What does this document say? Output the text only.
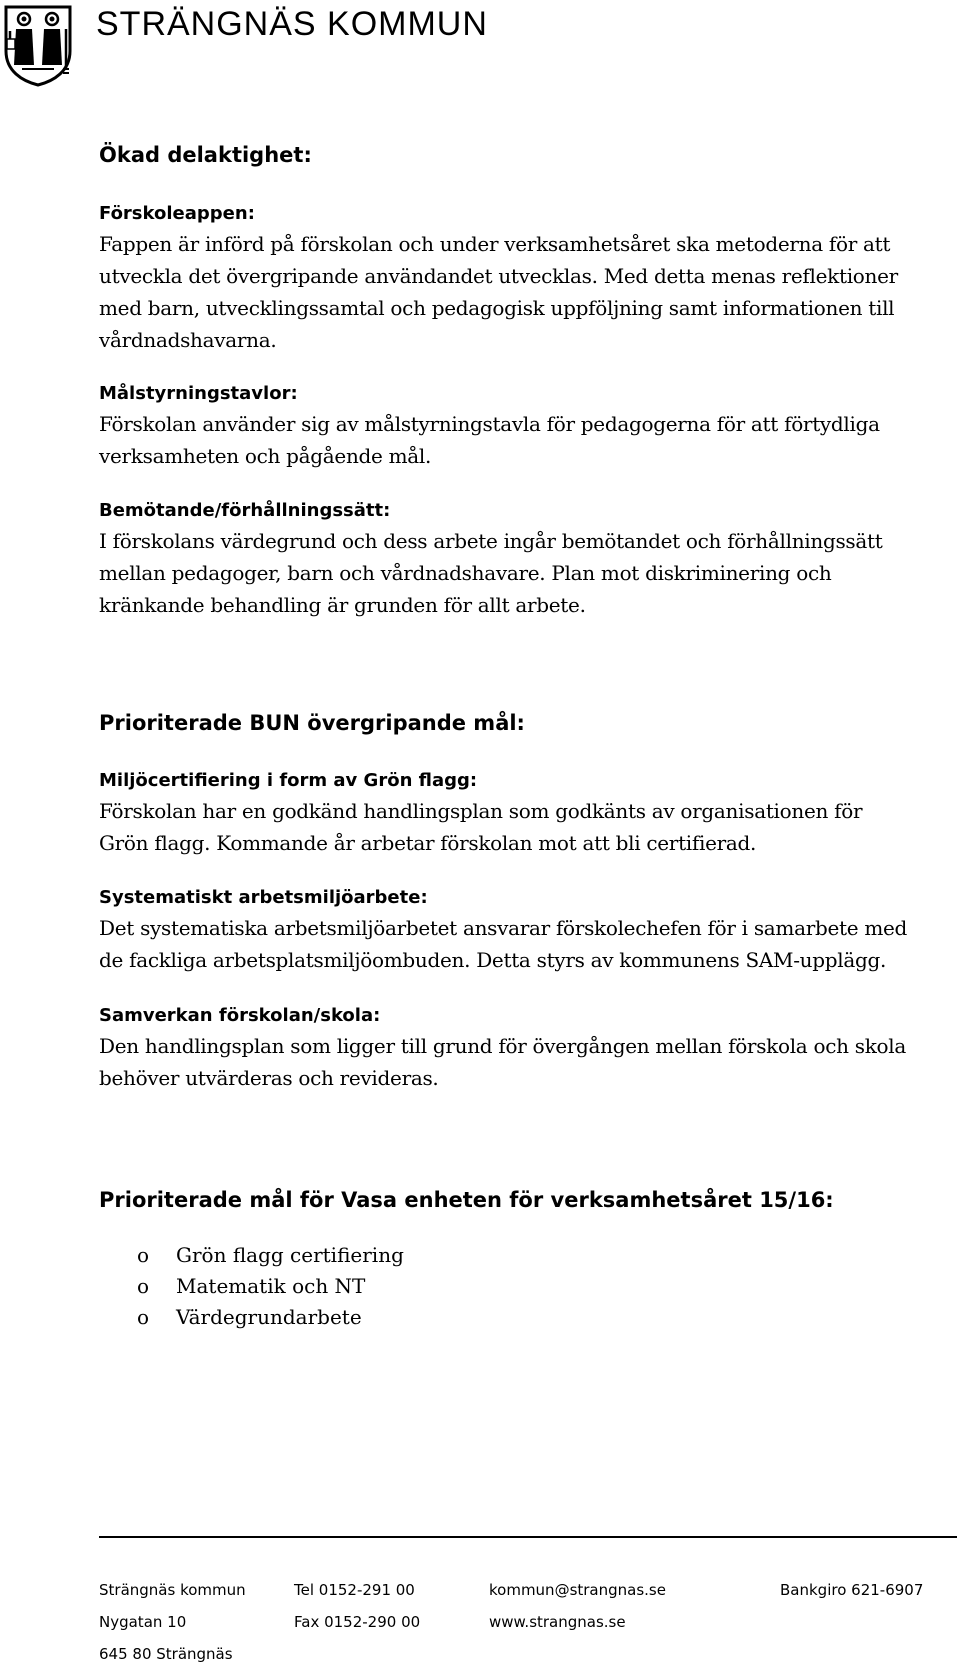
STRÄNGNÄS KOMMUN
Ökad delaktighet:
Förskoleappen:

Fappen är införd på förskolan och under verksamhetsåret ska metoderna för att
utveckla det övergripande användandet utvecklas. Med detta menas reflektioner
med barn, utvecklingssamtal och pedagogisk uppföljning samt informationen till
vårdnadshavarna.

Målstyrningstavlor:

Förskolan använder sig av målstyrningstavla för pedagogerna för att förtydliga
verksamheten och pågående mål.

Bemötande/förhållningssätt:

I förskolans värdegrund och dess arbete ingår bemötandet och förhållningssätt
mellan pedagoger, barn och vårdnadshavare. Plan mot diskriminering och
kränkande behandling är grunden för allt arbete.

Prioriterade BUN övergripande mål:
Miljöcertifiering i form av Grön flagg:

Förskolan har en godkänd handlingsplan som godkänts av organisationen för
Grön flagg. Kommande år arbetar förskolan mot att bli certifierad.

Systematiskt arbetsmiljöarbete:

Det systematiska arbetsmiljöarbetet ansvarar förskolechefen för i samarbete med
de fackliga arbetsplatsmiljöombuden. Detta styrs av kommunens SAM-upplägg.

Samverkan förskolan/skola:

Den handlingsplan som ligger till grund för övergången mellan förskola och skola
behöver utvärderas och revideras.

Prioriterade mål för Vasa enheten för verksamhetsåret 15/16:
o	Grön flagg certifiering
o	Matematik och NT
o	Värdegrundarbete
Strängnäs kommun	Tel 0152-291 00	kommun@strangnas.se	Bankgiro 621-6907
Nygatan 10	Fax 0152-290 00	www.strangnas.se
645 80 Strängnäs
